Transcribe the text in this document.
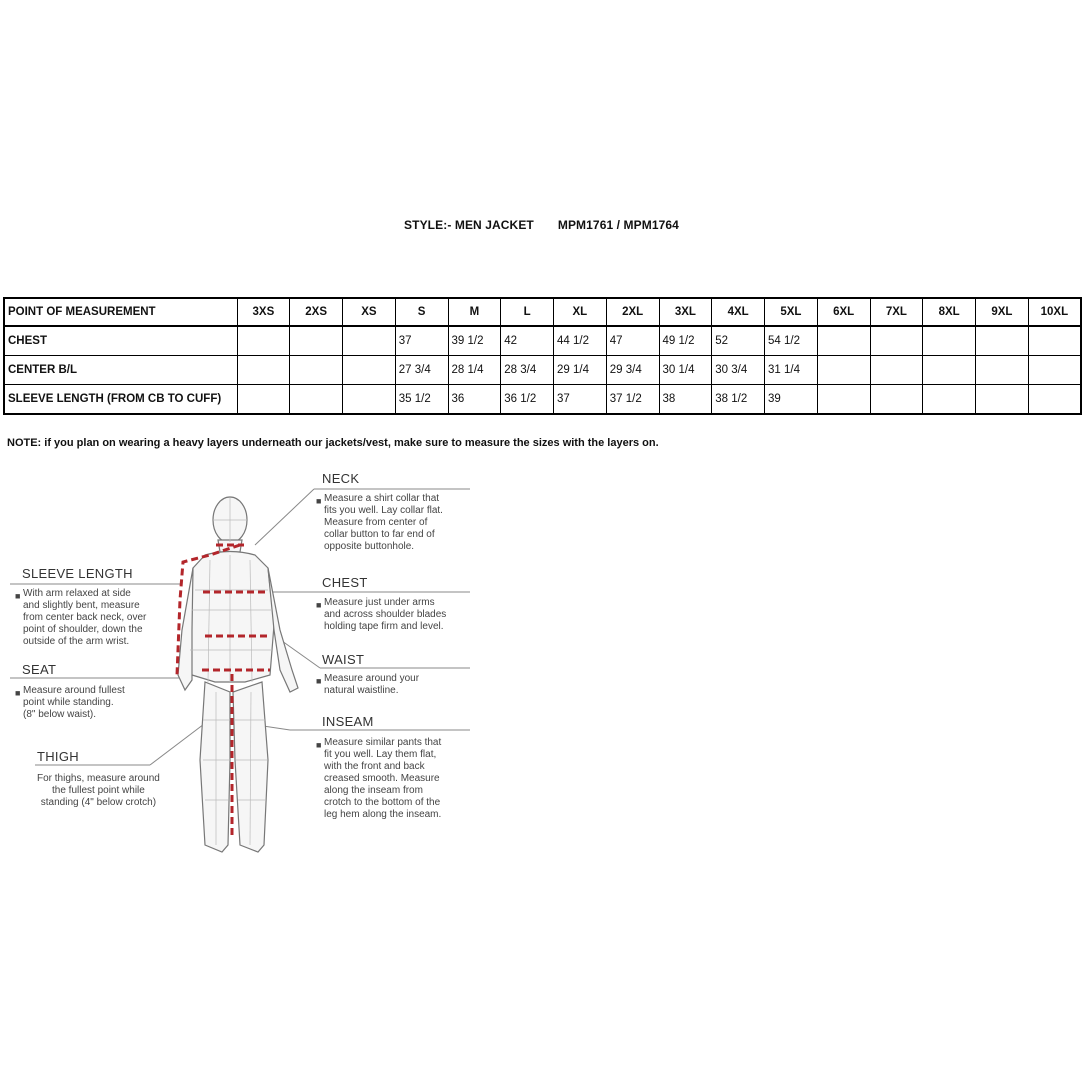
STYLE:- MEN JACKET MPM1761 / MPM1764
POINT OF MEASUREMENT	3XS	2XS	XS	S	M	L	XL	2XL	3XL	4XL	5XL	6XL	7XL	8XL	9XL	10XL
CHEST				37	39 1/2	42	44 1/2	47	49 1/2	52	54 1/2					
CENTER B/L				27 3/4	28 1/4	28 3/4	29 1/4	29 3/4	30 1/4	30 3/4	31 1/4					
SLEEVE LENGTH (FROM CB TO CUFF)				35 1/2	36	36 1/2	37	37 1/2	38	38 1/2	39					
NOTE: if you plan on wearing a heavy layers underneath our jackets/vest, make sure to measure the sizes with the layers on.
NECK
■ Measure a shirt collar that
fits you well. Lay collar flat.
Measure from center of
collar button to far end of
opposite buttonhole.
CHEST
■ Measure just under arms
and across shoulder blades
holding tape firm and level.
WAIST
■ Measure around your
natural waistline.
INSEAM
■ Measure similar pants that
fit you well. Lay them flat,
with the front and back
creased smooth. Measure
along the inseam from
crotch to the bottom of the
leg hem along the inseam.
SLEEVE LENGTH
■ With arm relaxed at side
and slightly bent, measure
from center back neck, over
point of shoulder, down the
outside of the arm wrist.
SEAT
■ Measure around fullest
point while standing.
(8" below waist).
THIGH
For thighs, measure around
the fullest point while
standing (4" below crotch)
